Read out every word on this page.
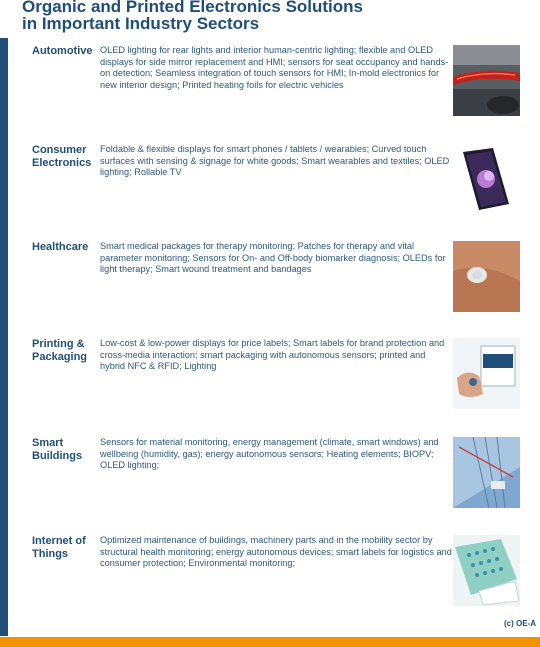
Organic and Printed Electronics Solutions
in Important Industry Sectors
Automotive OLED lighting for rear lights and interior human-centric lighting; flexible and OLED displays for side mirror replacement and HMI; sensors for seat occupancy and hands-on detection; Seamless integration of touch sensors for HMI; In-mold electronics for new interior design; Printed heating foils for electric vehicles
Consumer
Electronics
Foldable & flexible displays for smart phones / tablets / wearables; Curved touch surfaces with sensing & signage for white goods; Smart wearables and textiles; OLED lighting; Rollable TV
Healthcare	Smart medical packages for therapy monitoring; Patches for therapy and vital parameter monitoring; Sensors for On- and Off-body biomarker diagnosis; OLEDs for light therapy; Smart wound treatment and bandages
Printing &
Packaging
Low-cost & low-power displays for price labels; Smart labels for brand protection and cross-media interaction; smart packaging with autonomous sensors; printed and hybrid NFC & RFID; Lighting
Smart
Buildings
Sensors for material monitoring, energy management (climate, smart windows) and wellbeing (humidity, gas); energy autonomous sensors; Heating elements; BIOPV; OLED lighting;
Internet of
Things
Optimized maintenance of buildings, machinery parts and in the mobility sector by structural health monitoring; energy autonomous devices; smart labels for logistics and consumer protection; Environmental monitoring;
(c) OE-A
